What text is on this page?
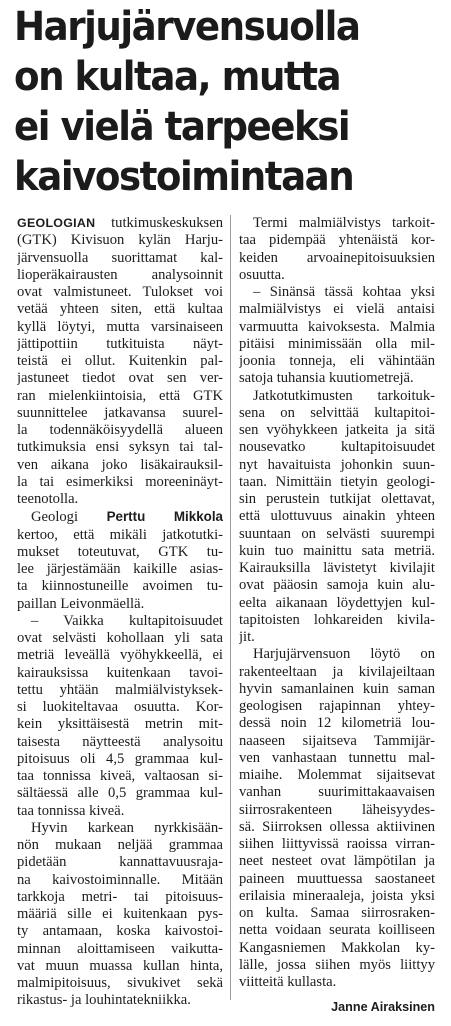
Harjujärvensuolla
on kultaa, mutta
ei vielä tarpeeksi
kaivostoimintaan

GEOLOGIAN tutkimuskeskuksen
(GTK) Kivisuon kylän Harju-
järvensuolla suorittamat kal-
lioperäkairausten analysoinnit
ovat valmistuneet. Tulokset voi
vetää yhteen siten, että kultaa
kyllä löytyi, mutta varsinaiseen
jättipottiin tutkituista näyt-
teistä ei ollut. Kuitenkin pal-
jastuneet tiedot ovat sen ver-
ran mielenkiintoisia, että GTK
suunnittelee jatkavansa suurel-
la todennäköisyydellä alueen
tutkimuksia ensi syksyn tai tal-
ven aikana joko lisäkairauksil-
la tai esimerkiksi moreeninäyt-
teenotolla.

Geologi Perttu Mikkola
kertoo, että mikäli jatkotutki-
mukset toteutuvat, GTK tu-
lee järjestämään kaikille asias-
ta kiinnostuneille avoimen tu-
paillan Leivonmäellä.

– Vaikka kultapitoisuudet
ovat selvästi kohollaan yli sata
metriä leveällä vyöhykkeellä, ei
kairauksissa kuitenkaan tavoi-
tettu yhtään malmiälvistyksek-
si luokiteltavaa osuutta. Kor-
kein yksittäisestä metrin mit-
taisesta näytteestä analysoitu
pitoisuus oli 4,5 grammaa kul-
taa tonnissa kiveä, valtaosan si-
sältäessä alle 0,5 grammaa kul-
taa tonnissa kiveä.

Hyvin karkean nyrkkisään-
nön mukaan neljää grammaa
pidetään kannattavuusraja-
na kaivostoiminnalle. Mitään
tarkkoja metri- tai pitoisuus-
määriä sille ei kuitenkaan pys-
ty antamaan, koska kaivostoi-
minnan aloittamiseen vaikutta-
vat muun muassa kullan hinta,
malmipitoisuus, sivukivet sekä
rikastus- ja louhintatekniikka.

Termi malmiälvistys tarkoit-
taa pidempää yhtenäistä kor-
keiden arvoainepitoisuuksien
osuutta.

– Sinänsä tässä kohtaa yksi
malmiälvistys ei vielä antaisi
varmuutta kaivoksesta. Malmia
pitäisi minimissään olla mil-
joonia tonneja, eli vähintään
satoja tuhansia kuutiometrejä.

Jatkotutkimusten tarkoituk-
sena on selvittää kultapitoi-
sen vyöhykkeen jatkeita ja sitä
nousevatko kultapitoisuudet
nyt havaituista johonkin suun-
taan. Nimittäin tietyin geologi-
sin perustein tutkijat olettavat,
että ulottuvuus ainakin yhteen
suuntaan on selvästi suurempi
kuin tuo mainittu sata metriä.
Kairauksilla lävistetyt kivilajit
ovat pääosin samoja kuin alu-
eelta aikanaan löydettyjen kul-
tapitoisten lohkareiden kivila-
jit.

Harjujärvensuon löytö on
rakenteeltaan ja kivilajeiltaan
hyvin samanlainen kuin saman
geologisen rajapinnan yhtey-
dessä noin 12 kilometriä lou-
naaseen sijaitseva Tammijär-
ven vanhastaan tunnettu mal-
miaihe. Molemmat sijaitsevat
vanhan suurimittakaavaisen
siirrosrakenteen läheisyydes-
sä. Siirroksen ollessa aktiivinen
siihen liittyvissä raoissa virran-
neet nesteet ovat lämpötilan ja
paineen muuttuessa saostaneet
erilaisia mineraaleja, joista yksi
on kulta. Samaa siirrosraken-
netta voidaan seurata koilliseen
Kangasniemen Makkolan ky-
lälle, jossa siihen myös liittyy
viitteitä kullasta.

Janne Airaksinen
